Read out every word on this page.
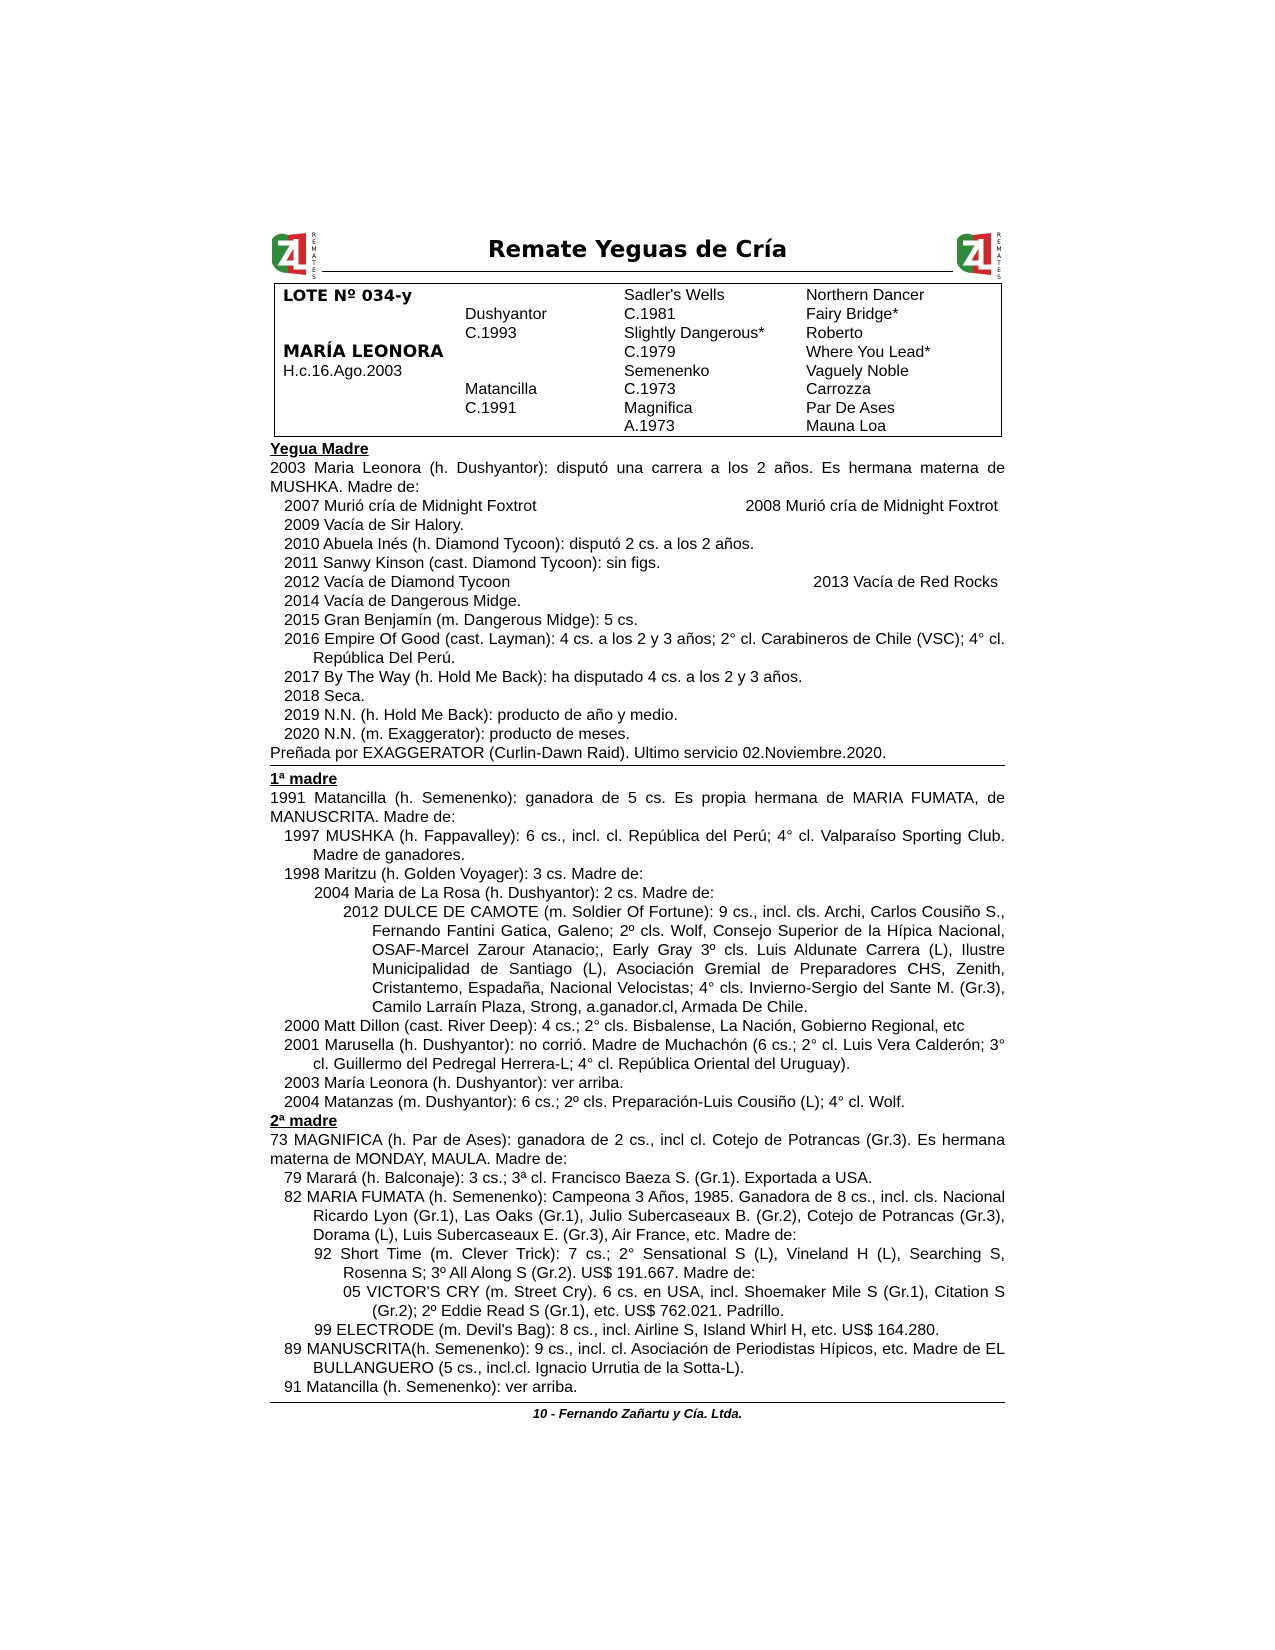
R
E
M
A
T
E
S
Remate Yeguas de Cría
R
E
M
A
T
E
S
LOTE Nº 034-y
MARÍA LEONORA
H.c.16.Ago.2003
Dushyantor
C.1993
Matancilla
C.1991
Sadler's Wells
C.1981
Slightly Dangerous*
C.1979
Semenenko
C.1973
Magnifica
A.1973
Northern Dancer
Fairy Bridge*
Roberto
Where You Lead*
Vaguely Noble
Carrozza
Par De Ases
Mauna Loa

Yegua Madre

2003 Maria Leonora (h. Dushyantor): disputó una carrera a los 2 años. Es hermana materna de MUSHKA. Madre de:

2007 Murió cría de Midnight Foxtrot	2008 Murió cría de Midnight Foxtrot

2009 Vacía de Sir Halory.

2010 Abuela Inés (h. Diamond Tycoon): disputó 2 cs. a los 2 años.

2011 Sanwy Kinson (cast. Diamond Tycoon): sin figs.

2012 Vacía de Diamond Tycoon	2013 Vacía de Red Rocks

2014 Vacía de Dangerous Midge.

2015 Gran Benjamín (m. Dangerous Midge): 5 cs.

2016 Empire Of Good (cast. Layman): 4 cs. a los 2 y 3 años; 2° cl. Carabineros de Chile (VSC); 4° cl. República Del Perú.

2017 By The Way (h. Hold Me Back): ha disputado 4 cs. a los 2 y 3 años.

2018 Seca.

2019 N.N. (h. Hold Me Back): producto de año y medio.

2020 N.N. (m. Exaggerator): producto de meses.

Preñada por EXAGGERATOR (Curlin-Dawn Raid). Ultimo servicio 02.Noviembre.2020.

1ª madre

1991 Matancilla (h. Semenenko): ganadora de 5 cs. Es propia hermana de MARIA FUMATA, de MANUSCRITA. Madre de:

1997 MUSHKA (h. Fappavalley): 6 cs., incl. cl. República del Perú; 4° cl. Valparaíso Sporting Club. Madre de ganadores.

1998 Maritzu (h. Golden Voyager): 3 cs. Madre de:

2004 Maria de La Rosa (h. Dushyantor): 2 cs. Madre de:

2012 DULCE DE CAMOTE (m. Soldier Of Fortune): 9 cs., incl. cls. Archi, Carlos Cousiño S., Fernando Fantini Gatica, Galeno; 2º cls. Wolf, Consejo Superior de la Hípica Nacional, OSAF-Marcel Zarour Atanacio;, Early Gray 3º cls. Luis Aldunate Carrera (L), Ilustre Municipalidad de Santiago (L), Asociación Gremial de Preparadores CHS, Zenith, Cristantemo, Espadaña, Nacional Velocistas; 4° cls. Invierno-Sergio del Sante M. (Gr.3), Camilo Larraín Plaza, Strong, a.ganador.cl, Armada De Chile.

2000 Matt Dillon (cast. River Deep): 4 cs.; 2° cls. Bisbalense, La Nación, Gobierno Regional, etc

2001 Marusella (h. Dushyantor): no corrió. Madre de Muchachón (6 cs.; 2° cl. Luis Vera Calderón; 3° cl. Guillermo del Pedregal Herrera-L; 4° cl. República Oriental del Uruguay).

2003 María Leonora (h. Dushyantor): ver arriba.

2004 Matanzas (m. Dushyantor): 6 cs.; 2º cls. Preparación-Luis Cousiño (L); 4° cl. Wolf.

2ª madre

73 MAGNIFICA (h. Par de Ases): ganadora de 2 cs., incl cl. Cotejo de Potrancas (Gr.3). Es hermana materna de MONDAY, MAULA. Madre de:

79 Marará (h. Balconaje): 3 cs.; 3ª cl. Francisco Baeza S. (Gr.1). Exportada a USA.

82 MARIA FUMATA (h. Semenenko): Campeona 3 Años, 1985. Ganadora de 8 cs., incl. cls. Nacional Ricardo Lyon (Gr.1), Las Oaks (Gr.1), Julio Subercaseaux B. (Gr.2), Cotejo de Potrancas (Gr.3), Dorama (L), Luis Subercaseaux E. (Gr.3), Air France, etc. Madre de:

92 Short Time (m. Clever Trick): 7 cs.; 2° Sensational S (L), Vineland H (L), Searching S, Rosenna S; 3º All Along S (Gr.2). US$ 191.667. Madre de:

05 VICTOR'S CRY (m. Street Cry). 6 cs. en USA, incl. Shoemaker Mile S (Gr.1), Citation S (Gr.2); 2º Eddie Read S (Gr.1), etc. US$ 762.021. Padrillo.

99 ELECTRODE (m. Devil's Bag): 8 cs., incl. Airline S, Island Whirl H, etc. US$ 164.280.

89 MANUSCRITA(h. Semenenko): 9 cs., incl. cl. Asociación de Periodistas Hípicos, etc. Madre de EL BULLANGUERO (5 cs., incl.cl. Ignacio Urrutia de la Sotta-L).

91 Matancilla (h. Semenenko): ver arriba.

10 - Fernando Zañartu y Cía. Ltda.
